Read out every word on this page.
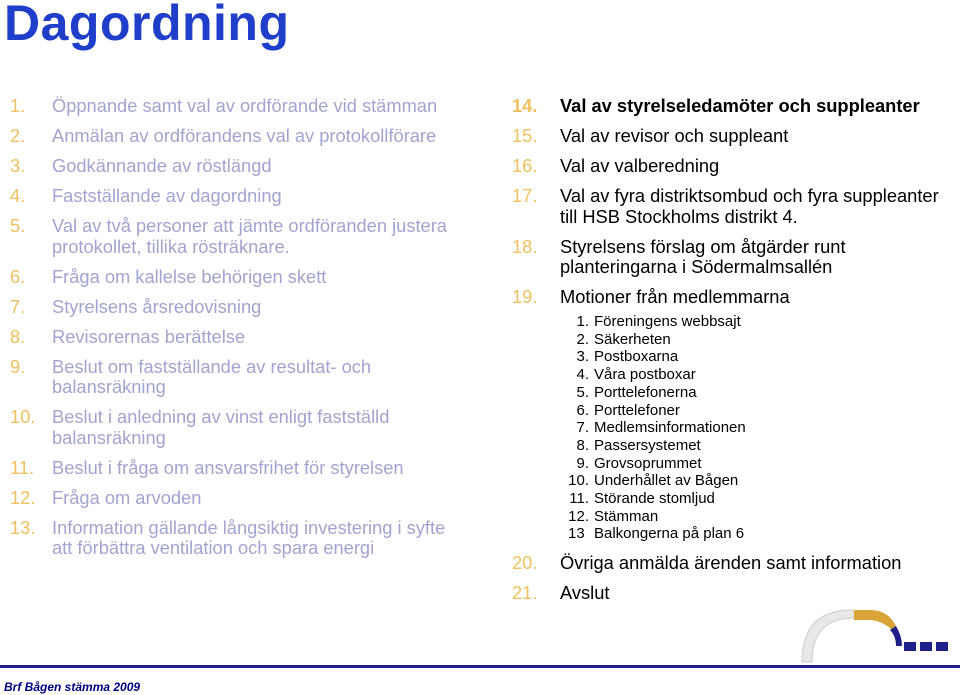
Dagordning
1.	Öppnande samt val av ordförande vid stämman
2.	Anmälan av ordförandens val av protokollförare
3.	Godkännande av röstlängd
4.	Fastställande av dagordning
5.	Val av två personer att jämte ordföranden justera protokollet, tillika rösträknare.
6.	Fråga om kallelse behörigen skett
7.	Styrelsens årsredovisning
8.	Revisorernas berättelse
9.	Beslut om fastställande av resultat- och balansräkning
10. Beslut i anledning av vinst enligt fastställd balansräkning
11. Beslut i fråga om ansvarsfrihet för styrelsen
12. Fråga om arvoden
13. Information gällande långsiktig investering i syfte att förbättra ventilation och spara energi
14.	Val av styrelseledamöter och suppleanter
15.	Val av revisor och suppleant
16.	Val av valberedning
17.	Val av fyra distriktsombud och fyra suppleanter till HSB Stockholms distrikt 4.
18.	Styrelsens förslag om åtgärder runt planteringarna i Södermalmsallén
19.	Motioner från medlemmarna
1. Föreningens webbsajt
2. Säkerheten
3. Postboxarna
4. Våra postboxar
5. Porttelefonerna
6. Porttelefoner
7. Medlemsinformationen
8. Passersystemet
9. Grovsoprummet
10. Underhållet av Bågen
11. Störande stomljud
12. Stämman
13 Balkongerna på plan 6
20.	Övriga anmälda ärenden samt information
21.	Avslut
Brf Bågen stämma 2009
